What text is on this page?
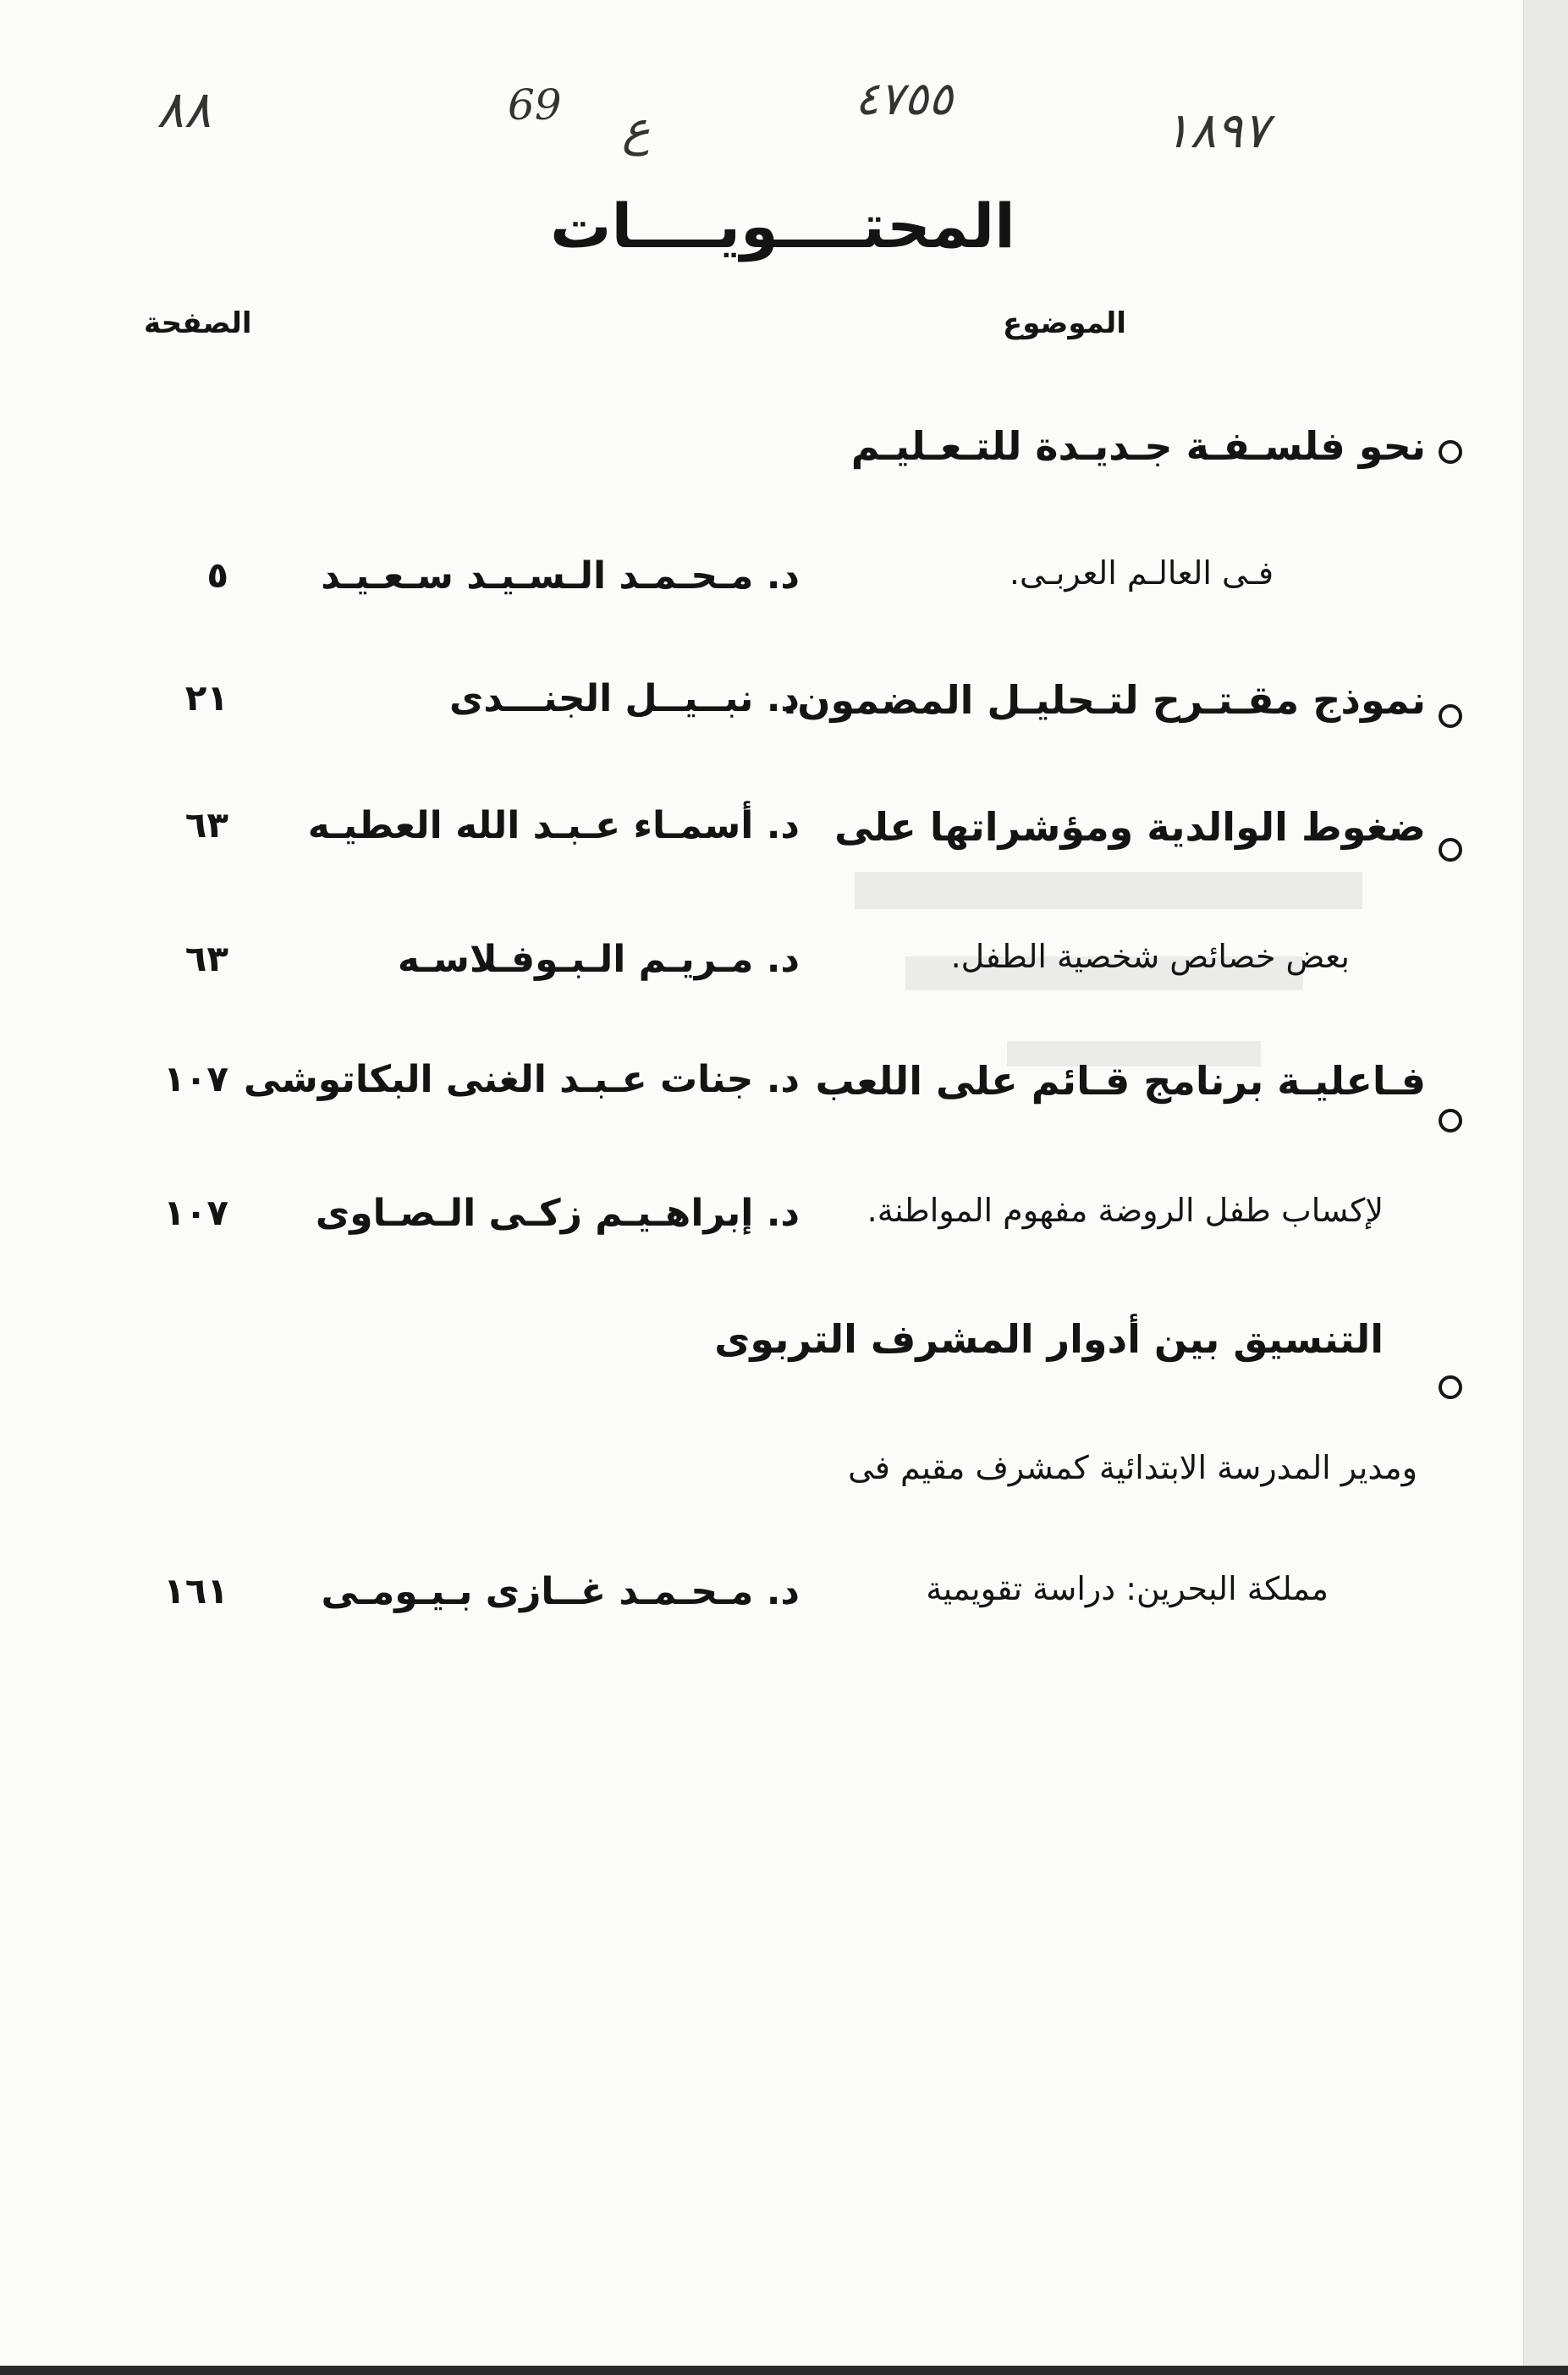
٨٨	69 ع
٤٧٥٥
١٨٩٧
المحتــــويــــات
الموضوع
الصفحة
نحو فلسـفـة جـديـدة للتـعـليـم
فـى العالـم العربـى.
د. مـحـمـد الـسـيـد سـعـيـد
٥
نموذج مقـتـرح لتـحليـل المضمون.
د. نبــيــل الجنـــدى
٢١
ضغوط الوالدية ومؤشراتها على
د. أسمـاء عـبـد الله العطيـه
٦٣
بعض خصائص شخصية الطفل.
د. مـريـم الـبـوفـلاسـه
٦٣
فـاعليـة برنامج قـائم على اللعب
د. جنات عـبـد الغنى البكاتوشى
١٠٧
لإكساب طفل الروضة مفهوم المواطنة.
د. إبراهـيـم زكـى الـصـاوى
١٠٧
التنسيق بين أدوار المشرف التربوى
ومدير المدرسة الابتدائية كمشرف مقيم فى
مملكة البحرين: دراسة تقويمية
د. مـحـمـد غــازى بـيـومـى
١٦١
